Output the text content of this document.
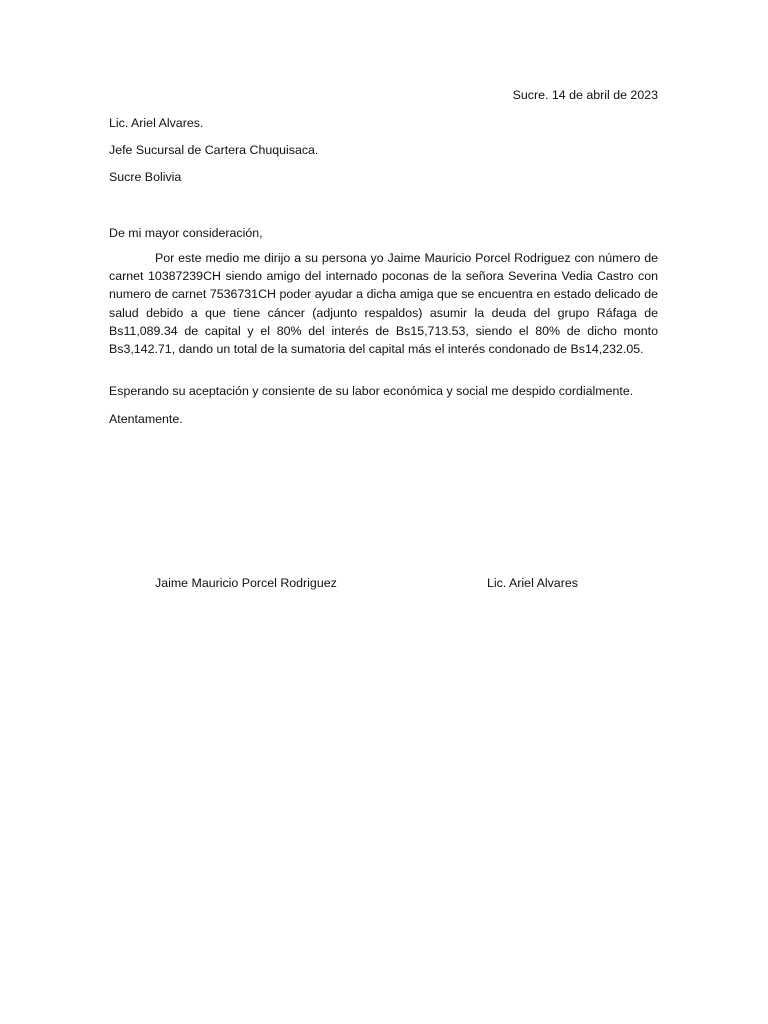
Sucre. 14 de abril de 2023
Lic. Ariel Alvares.
Jefe Sucursal de Cartera Chuquisaca.
Sucre Bolivia
De mi mayor consideración,

Por este medio me dirijo a su persona yo Jaime Mauricio Porcel Rodriguez con número de carnet 10387239CH siendo amigo del internado poconas de la señora Severina Vedia Castro con numero de carnet 7536731CH poder ayudar a dicha amiga que se encuentra en estado delicado de salud debido a que tiene cáncer (adjunto respaldos) asumir la deuda del grupo Ráfaga de Bs11,089.34 de capital y el 80% del interés de Bs15,713.53, siendo el 80% de dicho monto Bs3,142.71, dando un total de la sumatoria del capital más el interés condonado de Bs14,232.05.

Esperando su aceptación y consiente de su labor económica y social me despido cordialmente.

Atentamente.
Jaime Mauricio Porcel Rodriguez	Lic. Ariel Alvares
